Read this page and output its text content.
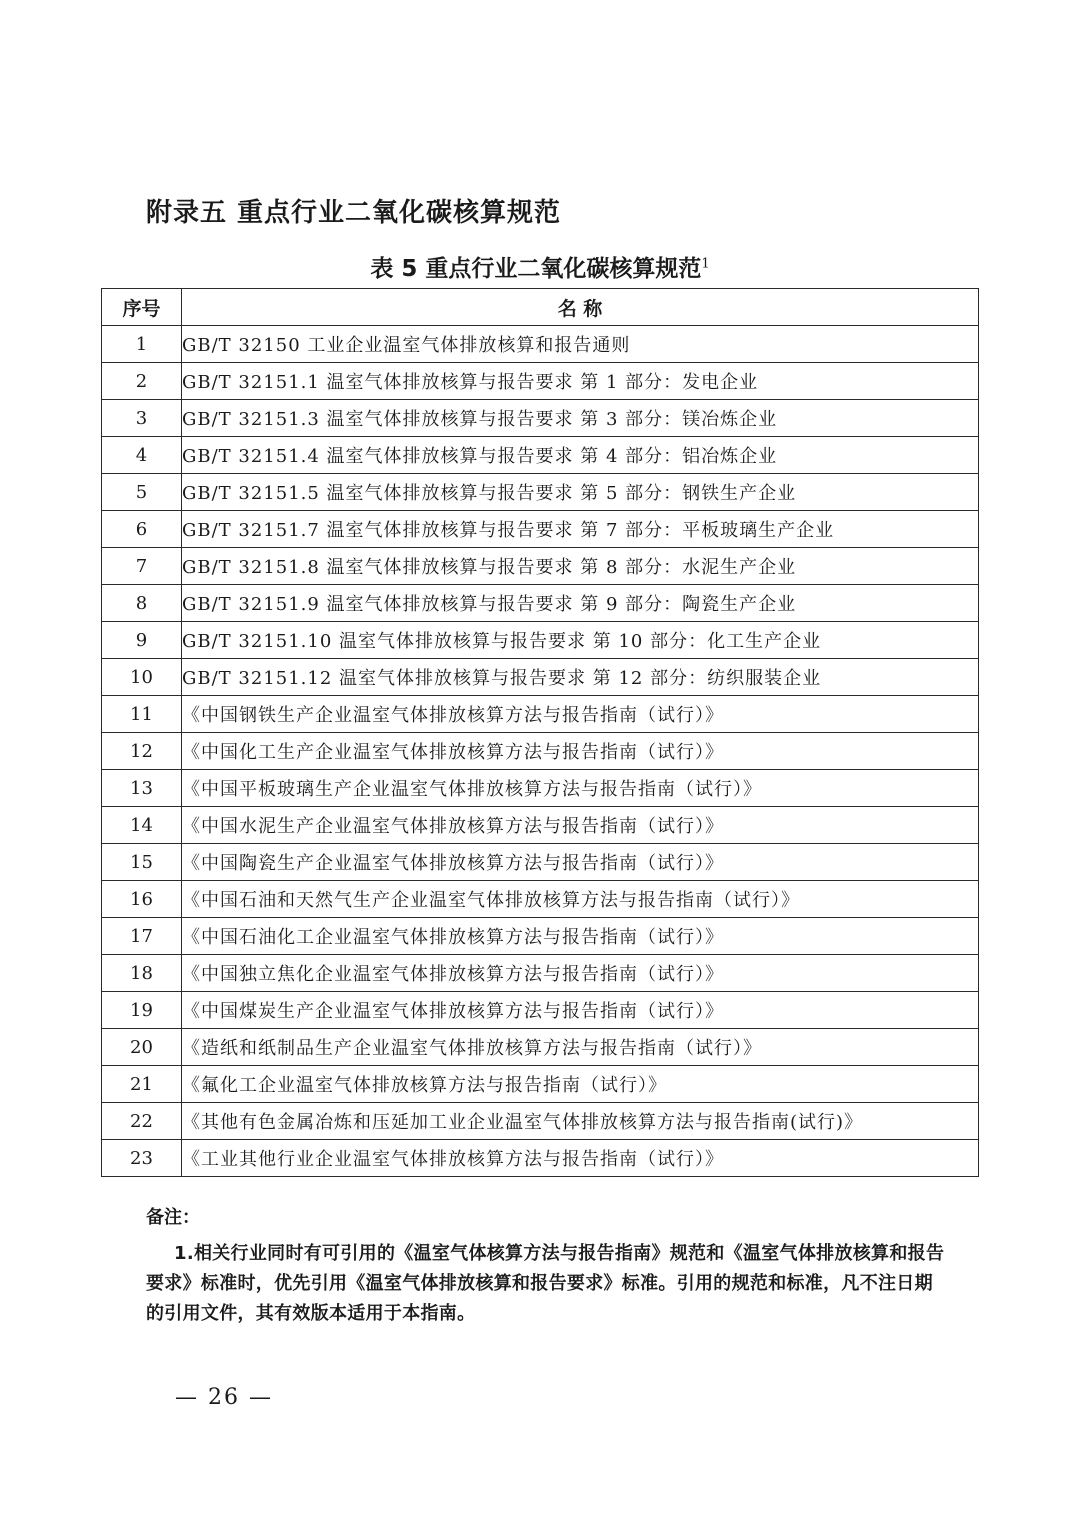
附录五 重点行业二氧化碳核算规范
表 5 重点行业二氧化碳核算规范$^1$
序号	名 称
1	GB/T 32150 工业企业温室气体排放核算和报告通则
2	GB/T 32151.1 温室气体排放核算与报告要求 第 1 部分：发电企业
3	GB/T 32151.3 温室气体排放核算与报告要求 第 3 部分：镁冶炼企业
4	GB/T 32151.4 温室气体排放核算与报告要求 第 4 部分：铝冶炼企业
5	GB/T 32151.5 温室气体排放核算与报告要求 第 5 部分：钢铁生产企业
6	GB/T 32151.7 温室气体排放核算与报告要求 第 7 部分：平板玻璃生产企业
7	GB/T 32151.8 温室气体排放核算与报告要求 第 8 部分：水泥生产企业
8	GB/T 32151.9 温室气体排放核算与报告要求 第 9 部分：陶瓷生产企业
9	GB/T 32151.10 温室气体排放核算与报告要求 第 10 部分：化工生产企业
10	GB/T 32151.12 温室气体排放核算与报告要求 第 12 部分：纺织服装企业
11	《中国钢铁生产企业温室气体排放核算方法与报告指南（试行）》
12	《中国化工生产企业温室气体排放核算方法与报告指南（试行）》
13	《中国平板玻璃生产企业温室气体排放核算方法与报告指南（试行）》
14	《中国水泥生产企业温室气体排放核算方法与报告指南（试行）》
15	《中国陶瓷生产企业温室气体排放核算方法与报告指南（试行）》
16	《中国石油和天然气生产企业温室气体排放核算方法与报告指南（试行）》
17	《中国石油化工企业温室气体排放核算方法与报告指南（试行）》
18	《中国独立焦化企业温室气体排放核算方法与报告指南（试行）》
19	《中国煤炭生产企业温室气体排放核算方法与报告指南（试行）》
20	《造纸和纸制品生产企业温室气体排放核算方法与报告指南（试行）》
21	《氟化工企业温室气体排放核算方法与报告指南（试行）》
22	《其他有色金属冶炼和压延加工业企业温室气体排放核算方法与报告指南(试行)》
23	《工业其他行业企业温室气体排放核算方法与报告指南（试行）》
备注：
1.相关行业同时有可引用的《温室气体核算方法与报告指南》规范和《温室气体排放核算和报告要求》标准时，优先引用《温室气体排放核算和报告要求》标准。引用的规范和标准，凡不注日期的引用文件，其有效版本适用于本指南。
— 26 —
